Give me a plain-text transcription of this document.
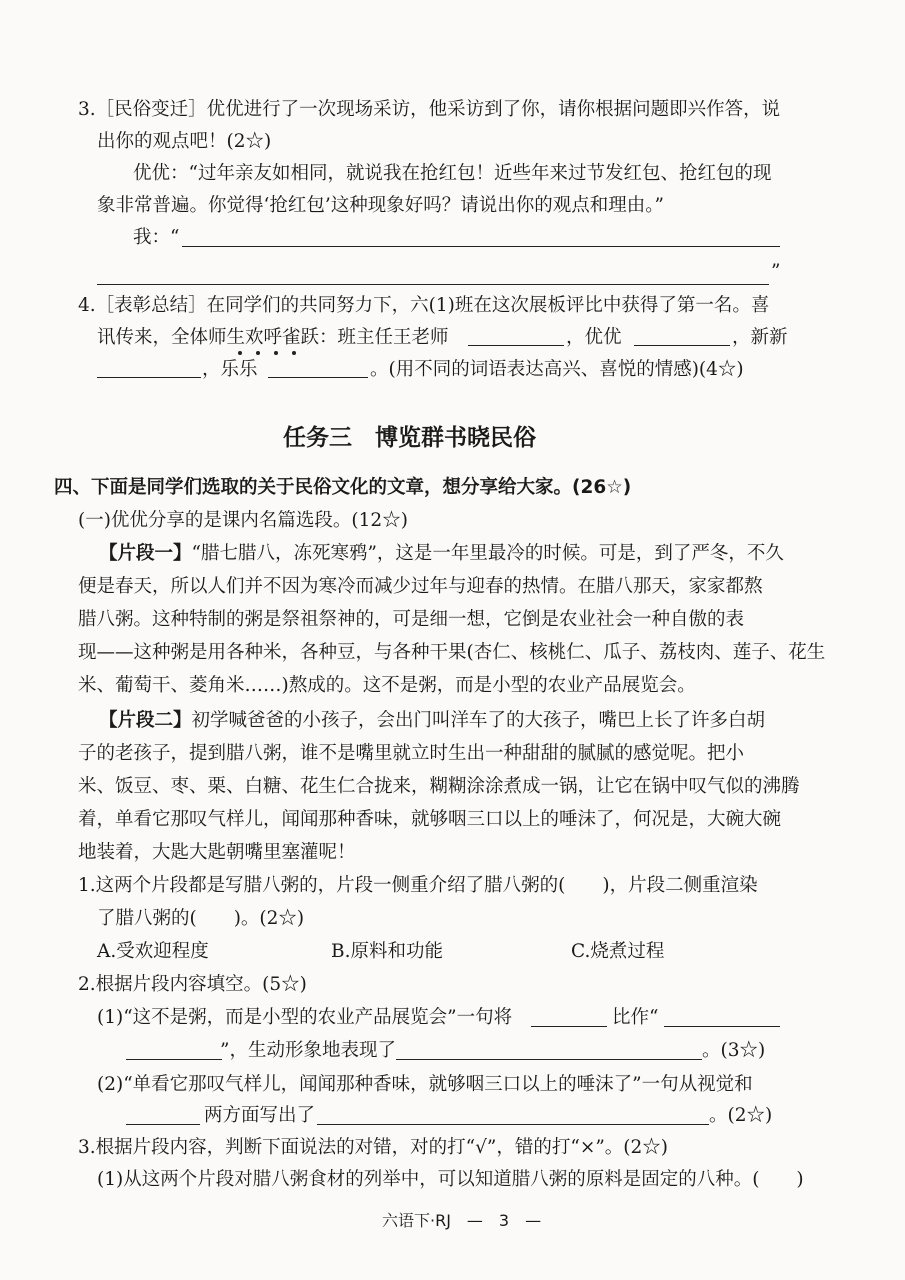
3.［民俗变迁］优优进行了一次现场采访，他采访到了你，请你根据问题即兴作答，说
出你的观点吧！(2☆)
优优：“过年亲友如相同，就说我在抢红包！近些年来过节发红包、抢红包的现
象非常普遍。你觉得‘抢红包’这种现象好吗？请说出你的观点和理由。”
我：“
”
4.［表彰总结］在同学们的共同努力下，六(1)班在这次展板评比中获得了第一名。喜
讯传来，全体师生欢呼雀跃：班主任王老师	，优优	，新新
，乐乐	。(用不同的词语表达高兴、喜悦的情感)(4☆)
任务三　博览群书晓民俗
四、下面是同学们选取的关于民俗文化的文章，想分享给大家。(26☆)
(一)优优分享的是课内名篇选段。(12☆)
【片段一】“腊七腊八，冻死寒鸦”，这是一年里最冷的时候。可是，到了严冬，不久
便是春天，所以人们并不因为寒冷而减少过年与迎春的热情。在腊八那天，家家都熬
腊八粥。这种特制的粥是祭祖祭神的，可是细一想，它倒是农业社会一种自傲的表
现——这种粥是用各种米，各种豆，与各种干果(杏仁、核桃仁、瓜子、荔枝肉、莲子、花生
米、葡萄干、菱角米……)熬成的。这不是粥，而是小型的农业产品展览会。
【片段二】初学喊爸爸的小孩子，会出门叫洋车了的大孩子，嘴巴上长了许多白胡
子的老孩子，提到腊八粥，谁不是嘴里就立时生出一种甜甜的腻腻的感觉呢。把小
米、饭豆、枣、栗、白糖、花生仁合拢来，糊糊涂涂煮成一锅，让它在锅中叹气似的沸腾
着，单看它那叹气样儿，闻闻那种香味，就够咽三口以上的唾沫了，何况是，大碗大碗
地装着，大匙大匙朝嘴里塞灌呢！
1.这两个片段都是写腊八粥的，片段一侧重介绍了腊八粥的(　　)，片段二侧重渲染
了腊八粥的(　　)。(2☆)
A.受欢迎程度	B.原料和功能	C.烧煮过程
2.根据片段内容填空。(5☆)
(1)“这不是粥，而是小型的农业产品展览会”一句将	比作“
”，生动形象地表现了	。(3☆)
(2)“单看它那叹气样儿，闻闻那种香味，就够咽三口以上的唾沫了”一句从视觉和
两方面写出了	。(2☆)
3.根据片段内容，判断下面说法的对错，对的打“√”，错的打“×”。(2☆)
(1)从这两个片段对腊八粥食材的列举中，可以知道腊八粥的原料是固定的八种。(　　)
六语下·RJ　—　3　—
